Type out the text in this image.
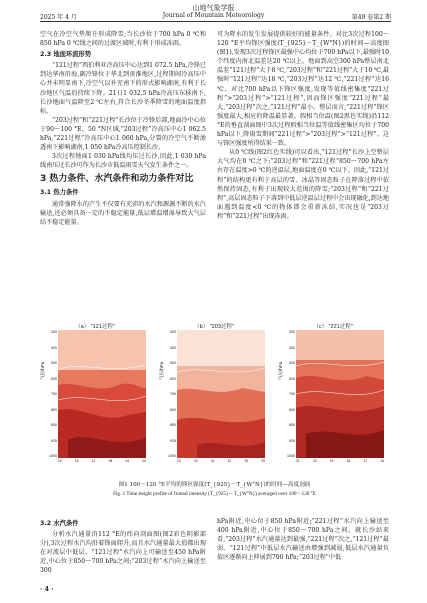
山地气象学报
2025 年 4 月	Journal of Mountain Meteorology	第49 卷第2 期

空气在冷空气垫爬升形成降雪;当长沙位于700 hPa 0 ℃和850 hPa 0 ℃线之间的过渡区域时,有利于形成冻雨。

2.3 地面环流形势

“121过程”西伯利亚冷高压中心达到1 072.5 hPa,冷锋已到达华南沿海,副冷锋位于华北到黄淮地区,过程期间冷高压中心并未明显南下,冷空气以补充南下的形式影响湖南,有利于长沙地区气温的持续下降。21日1 032.5 hPa冷高压东移南下,长沙地面气温降至2 ℃左右,符合长沙冬季降雪的地面温度指标。

“203过程”和“221过程”长沙位于冷锋后部,地面冷中心位于90～100 °E、50 °N区域,“203过程”冷高压中心1 062.5 hPa,“221过程”冷高压中心1 060 hPa,分裂的冷空气不断渗透南下影响湖南,1 050 hPa冷高压控制长沙。

3次过程地面1 030 hPa线均压过长沙,因此,1 030 hPa线南压过长沙可作为长沙市低温雨雪天气发生条件之一。

3 热力条件、水汽条件和动力条件对比
3.1 热力条件

通常强降水的产生不仅要有充沛的水汽和源源不断的水汽输送,还必须具备一定的不稳定能量,低层增温增湿导致大气层结不稳定能量。

可为降水的发生发展提供较好的能量条件。对比3次过程100～120 °E平均锋区强度(T_{925}－T_{W°N})的时间—高度图(图1),发现3次过程锋区最强中心均位于700 hPa以下,最强时10个纬度内南北温差达20 ℃以上。地面到高空300 hPa整层南北温差“121过程”大于8 ℃,“203过程”和“221过程”大于10 ℃,最强时“121过程”达18 ℃,“203过程”达12 ℃,“221过程”达16 ℃。对比700 hPa以下锋区强度,发现等值线密集度“221过程”>“203过程”>“121过程”,因而锋区强度“221过程”最大,“203过程”次之,“121过程”最小。整层而言,“221过程”锋区强度最大,相应的降温最显著。假相当位温(图2黑色实线)沿112 °E的垂直剖面图中3次过程假相当位温等值线密集区均位于700 hPa以下,降雨雪期间“221过程”>“203过程”>“121过程”。这与锋区强度所得结果一致。

从0 ℃线(图2红色实线)可以看出,“121过程”长沙上空整层大气均在0 ℃之下;“203过程”和“221过程”850～700 hPa左右存在温度>0 ℃的逆温层,地面温度在0 ℃以下。因此,“121过程”的结构更有利于高层的雪、冰晶等固态粒子在降落过程中依然保持固态,有利于出现较大范围的降雪;“203过程”和“221过程”,高层固态粒子下落到中低层逆温层过程中会出现融化,到达地面遇到温度<0 ℃的物体即会重新冻结,实况也是“203过程”和“221过程”出现冻雨。

（a） "121过程"
气压/hPa
300
400
500
600
700
800
850
925
1000
20	16	12	08	04	00
（b） "203过程"
气压/hPa
300
400
500
600
700
800
850
925
1000
03	02	01	31	30	29
（c） "221过程"
气压/hPa
300
400
500
600
700
800
850
925
1000
21	20	19	18	17	16
图1 100～120 °E平均的锋区强度(T_{925}－T_{W°N})的时间—高度剖面
Fig. 1 Time-height profile of frontal intensity (T_{925}－T_{W°N}) averaged over 100～120 °E
3.2 水汽条件

分析水汽通量沿112 °E的纬向剖面图(图2彩色阴影部分),3次过程水汽均沿着锋面爬升,而且水汽通量最大值都出现在对流层中低层。“121过程”水汽向上可输送至450 hPa附近,中心位于850～700 hPa之间;“203过程”水汽向上输送至300

hPa附近,中心位于850 hPa附近;“221过程”水汽向上输送至400 hPa附近,中心位于850～700 hPa之间。就长沙站来看,“203过程”水汽通量达到最强,“221过程”次之,“121过程”最弱。“121过程”中低层水汽输送由增强到减弱,低层水汽通量负值区逐渐向上伸展到700 hPa;“203过程”中低

· 4 ·
